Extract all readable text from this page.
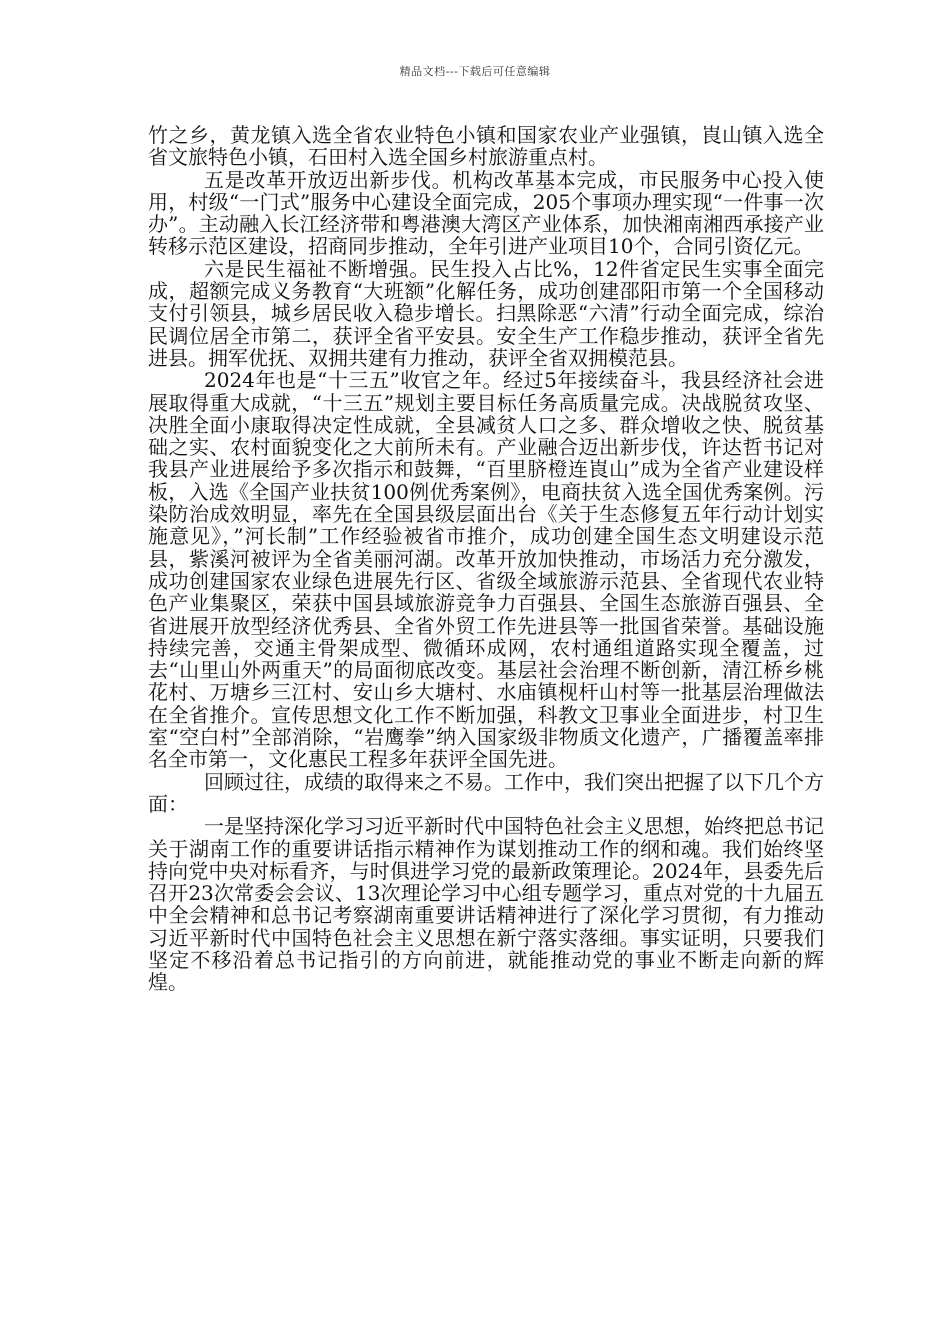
精品文档---下载后可任意编辑

竹之乡，黄龙镇入选全省农业特色小镇和国家农业产业强镇，崀山镇入选全省文旅特色小镇，石田村入选全国乡村旅游重点村。

五是改革开放迈出新步伐。机构改革基本完成，市民服务中心投入使用，村级“一门式”服务中心建设全面完成，205个事项办理实现“一件事一次办”。主动融入长江经济带和粤港澳大湾区产业体系，加快湘南湘西承接产业转移示范区建设，招商同步推动，全年引进产业项目10个，合同引资亿元。

六是民生福祉不断增强。民生投入占比%，12件省定民生实事全面完成，超额完成义务教育“大班额”化解任务，成功创建邵阳市第一个全国移动支付引领县，城乡居民收入稳步增长。扫黑除恶“六清”行动全面完成，综治民调位居全市第二，获评全省平安县。安全生产工作稳步推动，获评全省先进县。拥军优抚、双拥共建有力推动，获评全省双拥模范县。

2024年也是“十三五”收官之年。经过5年接续奋斗，我县经济社会进展取得重大成就，“十三五”规划主要目标任务高质量完成。决战脱贫攻坚、决胜全面小康取得决定性成就，全县减贫人口之多、群众增收之快、脱贫基础之实、农村面貌变化之大前所未有。产业融合迈出新步伐，许达哲书记对我县产业进展给予多次指示和鼓舞，“百里脐橙连崀山”成为全省产业建设样板，入选《全国产业扶贫100例优秀案例》，电商扶贫入选全国优秀案例。污染防治成效明显，率先在全国县级层面出台《关于生态修复五年行动计划实施意见》，”河长制”工作经验被省市推介，成功创建全国生态文明建设示范县，紫溪河被评为全省美丽河湖。改革开放加快推动，市场活力充分激发，成功创建国家农业绿色进展先行区、省级全域旅游示范县、全省现代农业特色产业集聚区，荣获中国县域旅游竞争力百强县、全国生态旅游百强县、全省进展开放型经济优秀县、全省外贸工作先进县等一批国省荣誉。基础设施持续完善，交通主骨架成型、微循环成网，农村通组道路实现全覆盖，过去“山里山外两重天”的局面彻底改变。基层社会治理不断创新，清江桥乡桃花村、万塘乡三江村、安山乡大塘村、水庙镇枧杆山村等一批基层治理做法在全省推介。宣传思想文化工作不断加强，科教文卫事业全面进步，村卫生室“空白村”全部消除，“岩鹰拳”纳入国家级非物质文化遗产，广播覆盖率排名全市第一，文化惠民工程多年获评全国先进。

回顾过往，成绩的取得来之不易。工作中，我们突出把握了以下几个方面：

一是坚持深化学习习近平新时代中国特色社会主义思想，始终把总书记关于湖南工作的重要讲话指示精神作为谋划推动工作的纲和魂。我们始终坚持向党中央对标看齐，与时俱进学习党的最新政策理论。2024年，县委先后召开23次常委会会议、13次理论学习中心组专题学习，重点对党的十九届五中全会精神和总书记考察湖南重要讲话精神进行了深化学习贯彻，有力推动习近平新时代中国特色社会主义思想在新宁落实落细。事实证明，只要我们坚定不移沿着总书记指引的方向前进，就能推动党的事业不断走向新的辉煌。
